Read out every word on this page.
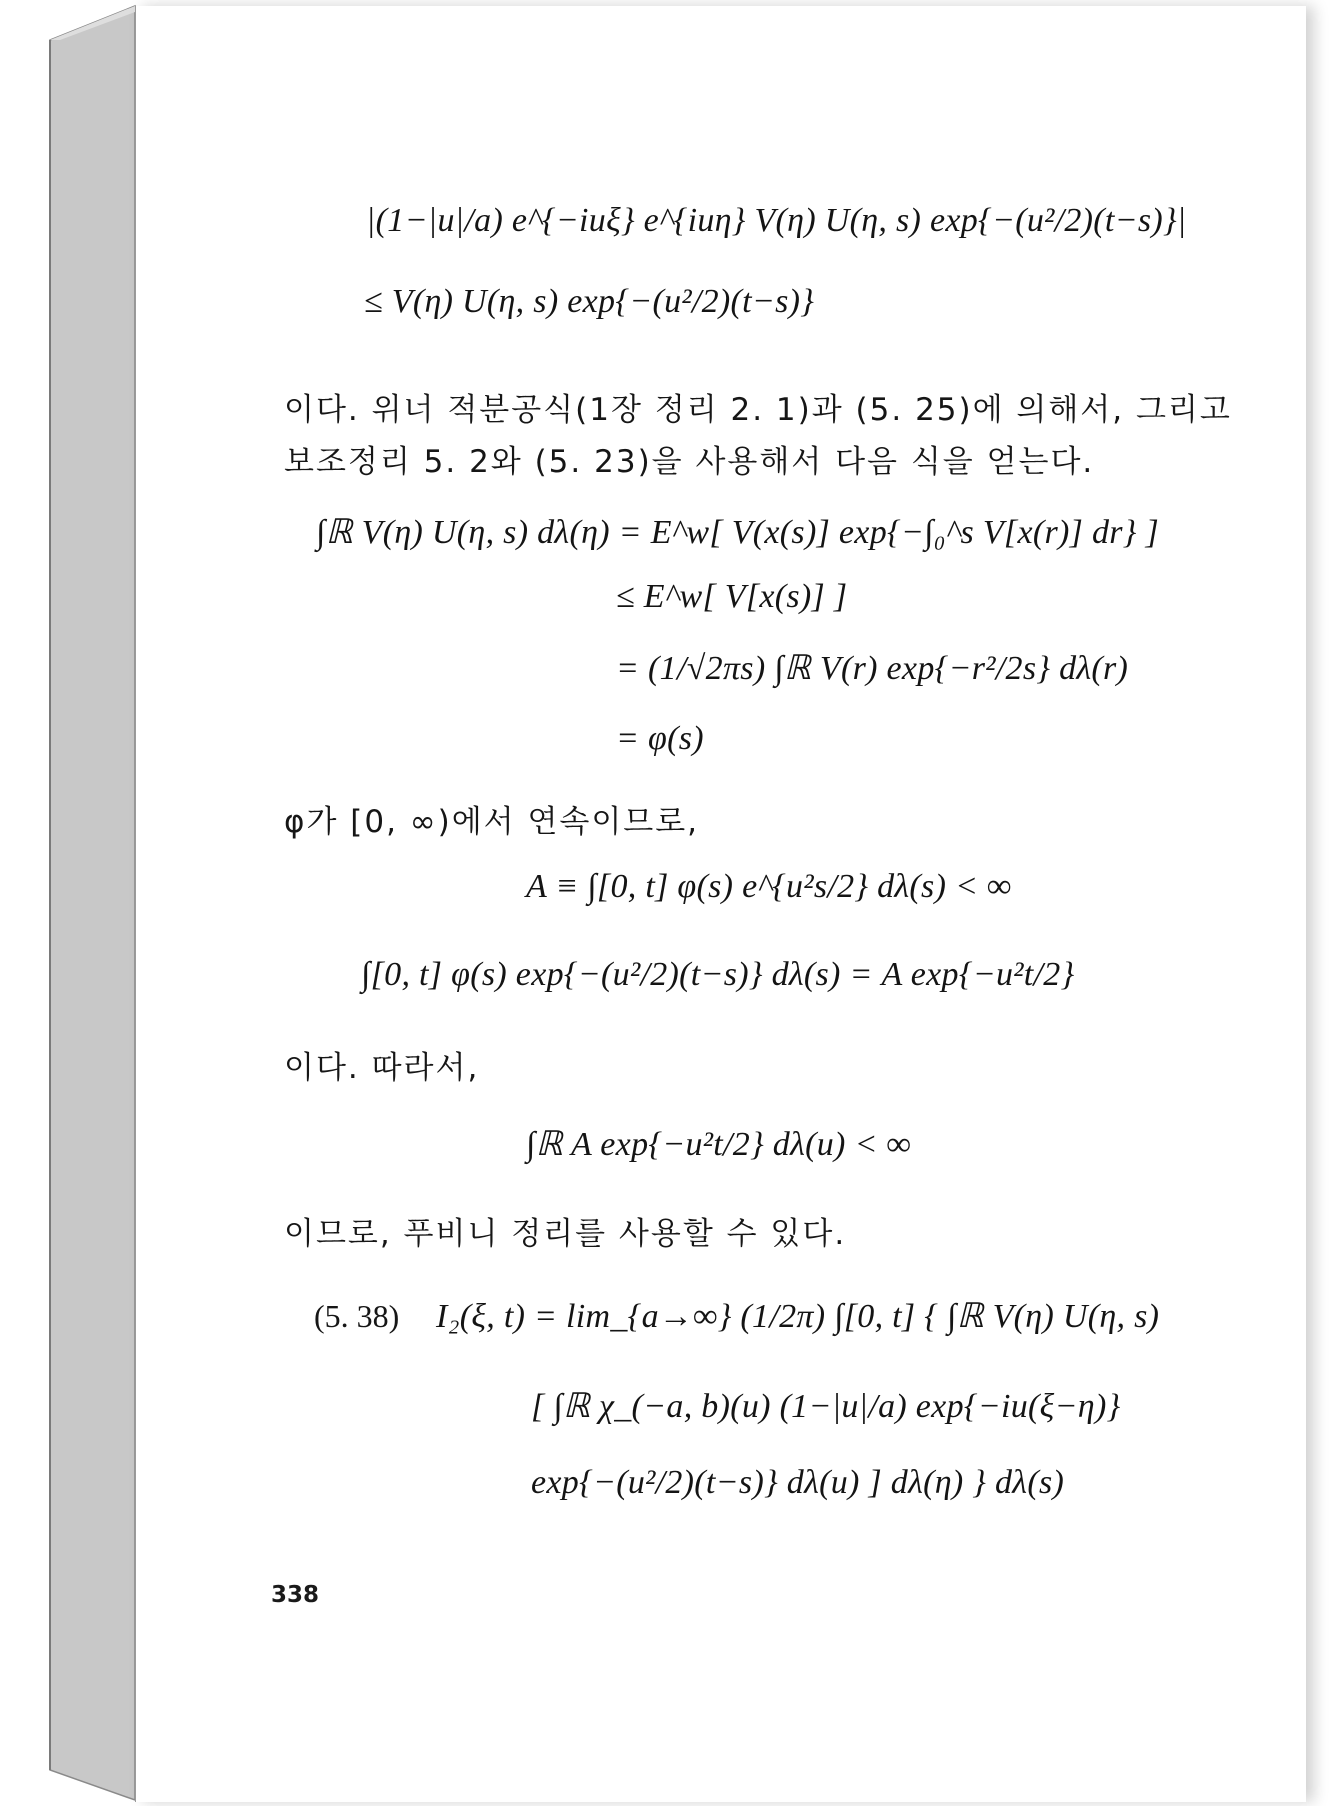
|(1−|u|/a) e^{−iuξ} e^{iuη} V(η) U(η, s) exp{−(u²/2)(t−s)}|
≤ V(η) U(η, s) exp{−(u²/2)(t−s)}
이다. 위너 적분공식(1장 정리 2. 1)과 (5. 25)에 의해서, 그리고
보조정리 5. 2와 (5. 23)을 사용해서 다음 식을 얻는다.
∫ℝ V(η) U(η, s) dλ(η) = E^w[ V(x(s)] exp{−∫₀^s V[x(r)] dr} ]
≤ E^w[ V[x(s)] ]
= (1/√2πs) ∫ℝ V(r) exp{−r²/2s} dλ(r)
= φ(s)
φ가 [0, ∞)에서 연속이므로,
A ≡ ∫[0, t] φ(s) e^{u²s/2} dλ(s) < ∞
∫[0, t] φ(s) exp{−(u²/2)(t−s)} dλ(s) = A exp{−u²t/2}
이다. 따라서,
∫ℝ A exp{−u²t/2} dλ(u) < ∞
이므로, 푸비니 정리를 사용할 수 있다.
(5. 38) I₂(ξ, t) = lim_{a→∞} (1/2π) ∫[0, t] { ∫ℝ V(η) U(η, s)
[ ∫ℝ χ_(−a, b)(u) (1−|u|/a) exp{−iu(ξ−η)}
exp{−(u²/2)(t−s)} dλ(u) ] dλ(η) } dλ(s)
338
